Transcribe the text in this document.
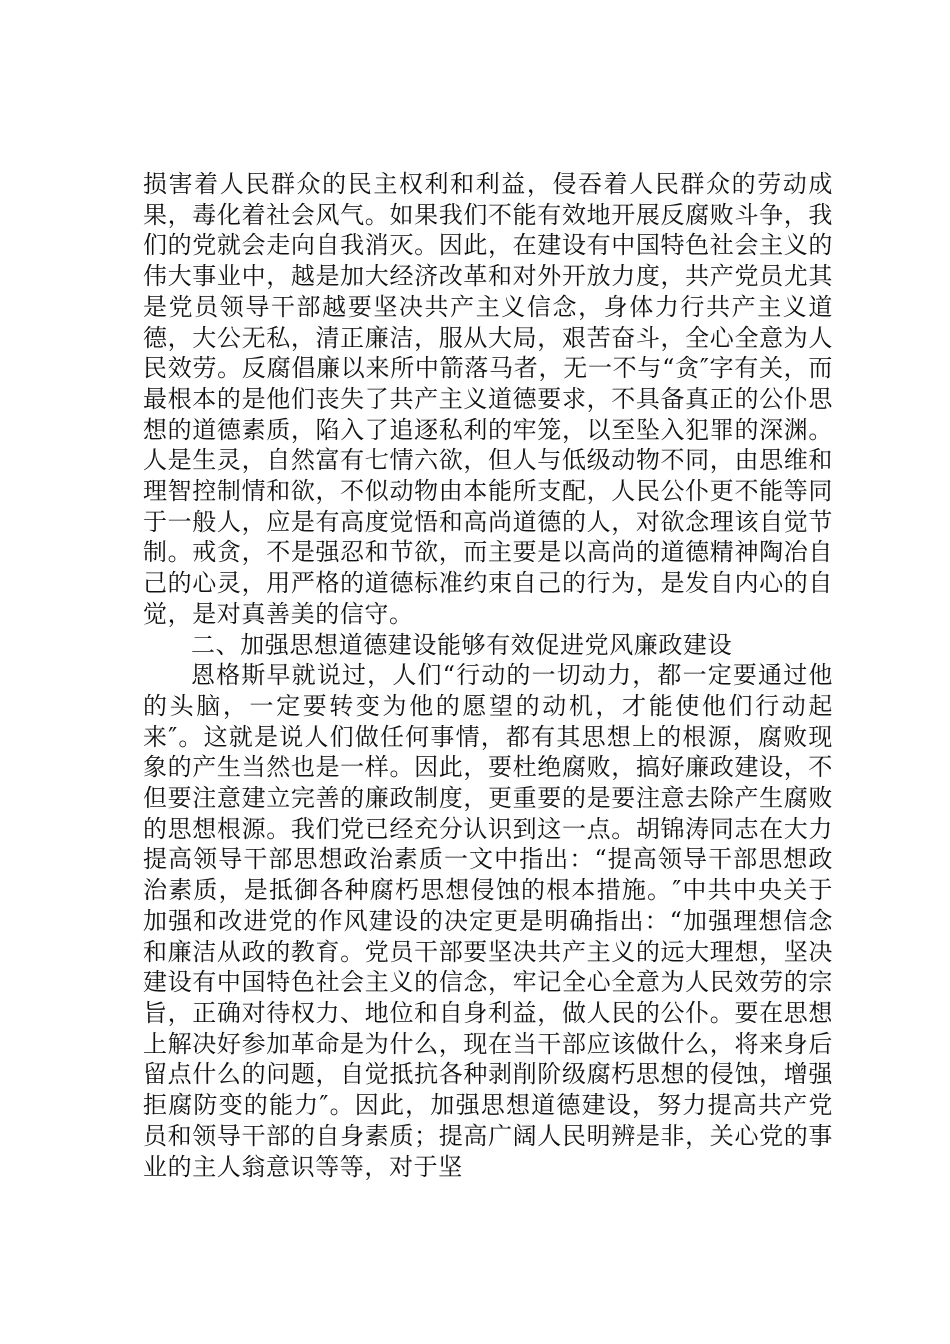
损害着人民群众的民主权利和利益，侵吞着人民群众的劳动成果，毒化着社会风气。如果我们不能有效地开展反腐败斗争，我们的党就会走向自我消灭。因此，在建设有中国特色社会主义的伟大事业中，越是加大经济改革和对外开放力度，共产党员尤其是党员领导干部越要坚决共产主义信念，身体力行共产主义道德，大公无私，清正廉洁，服从大局，艰苦奋斗，全心全意为人民效劳。反腐倡廉以来所中箭落马者，无一不与“贪″字有关，而最根本的是他们丧失了共产主义道德要求，不具备真正的公仆思想的道德素质，陷入了追逐私利的牢笼，以至坠入犯罪的深渊。人是生灵，自然富有七情六欲，但人与低级动物不同，由思维和理智控制情和欲，不似动物由本能所支配，人民公仆更不能等同于一般人，应是有高度觉悟和高尚道德的人，对欲念理该自觉节制。戒贪，不是强忍和节欲，而主要是以高尚的道德精神陶冶自己的心灵，用严格的道德标准约束自己的行为，是发自内心的自觉，是对真善美的信守。

二、加强思想道德建设能够有效促进党风廉政建设

恩格斯早就说过，人们“行动的一切动力，都一定要通过他的头脑，一定要转变为他的愿望的动机，才能使他们行动起来″。这就是说人们做任何事情，都有其思想上的根源，腐败现象的产生当然也是一样。因此，要杜绝腐败，搞好廉政建设，不但要注意建立完善的廉政制度，更重要的是要注意去除产生腐败的思想根源。我们党已经充分认识到这一点。胡锦涛同志在大力提高领导干部思想政治素质一文中指出：“提高领导干部思想政治素质，是抵御各种腐朽思想侵蚀的根本措施。″中共中央关于加强和改进党的作风建设的决定更是明确指出：“加强理想信念和廉洁从政的教育。党员干部要坚决共产主义的远大理想，坚决建设有中国特色社会主义的信念，牢记全心全意为人民效劳的宗旨，正确对待权力、地位和自身利益，做人民的公仆。要在思想上解决好参加革命是为什么，现在当干部应该做什么，将来身后留点什么的问题，自觉抵抗各种剥削阶级腐朽思想的侵蚀，增强拒腐防变的能力″。因此，加强思想道德建设，努力提高共产党员和领导干部的自身素质；提高广阔人民明辨是非，关心党的事业的主人翁意识等等，对于坚
